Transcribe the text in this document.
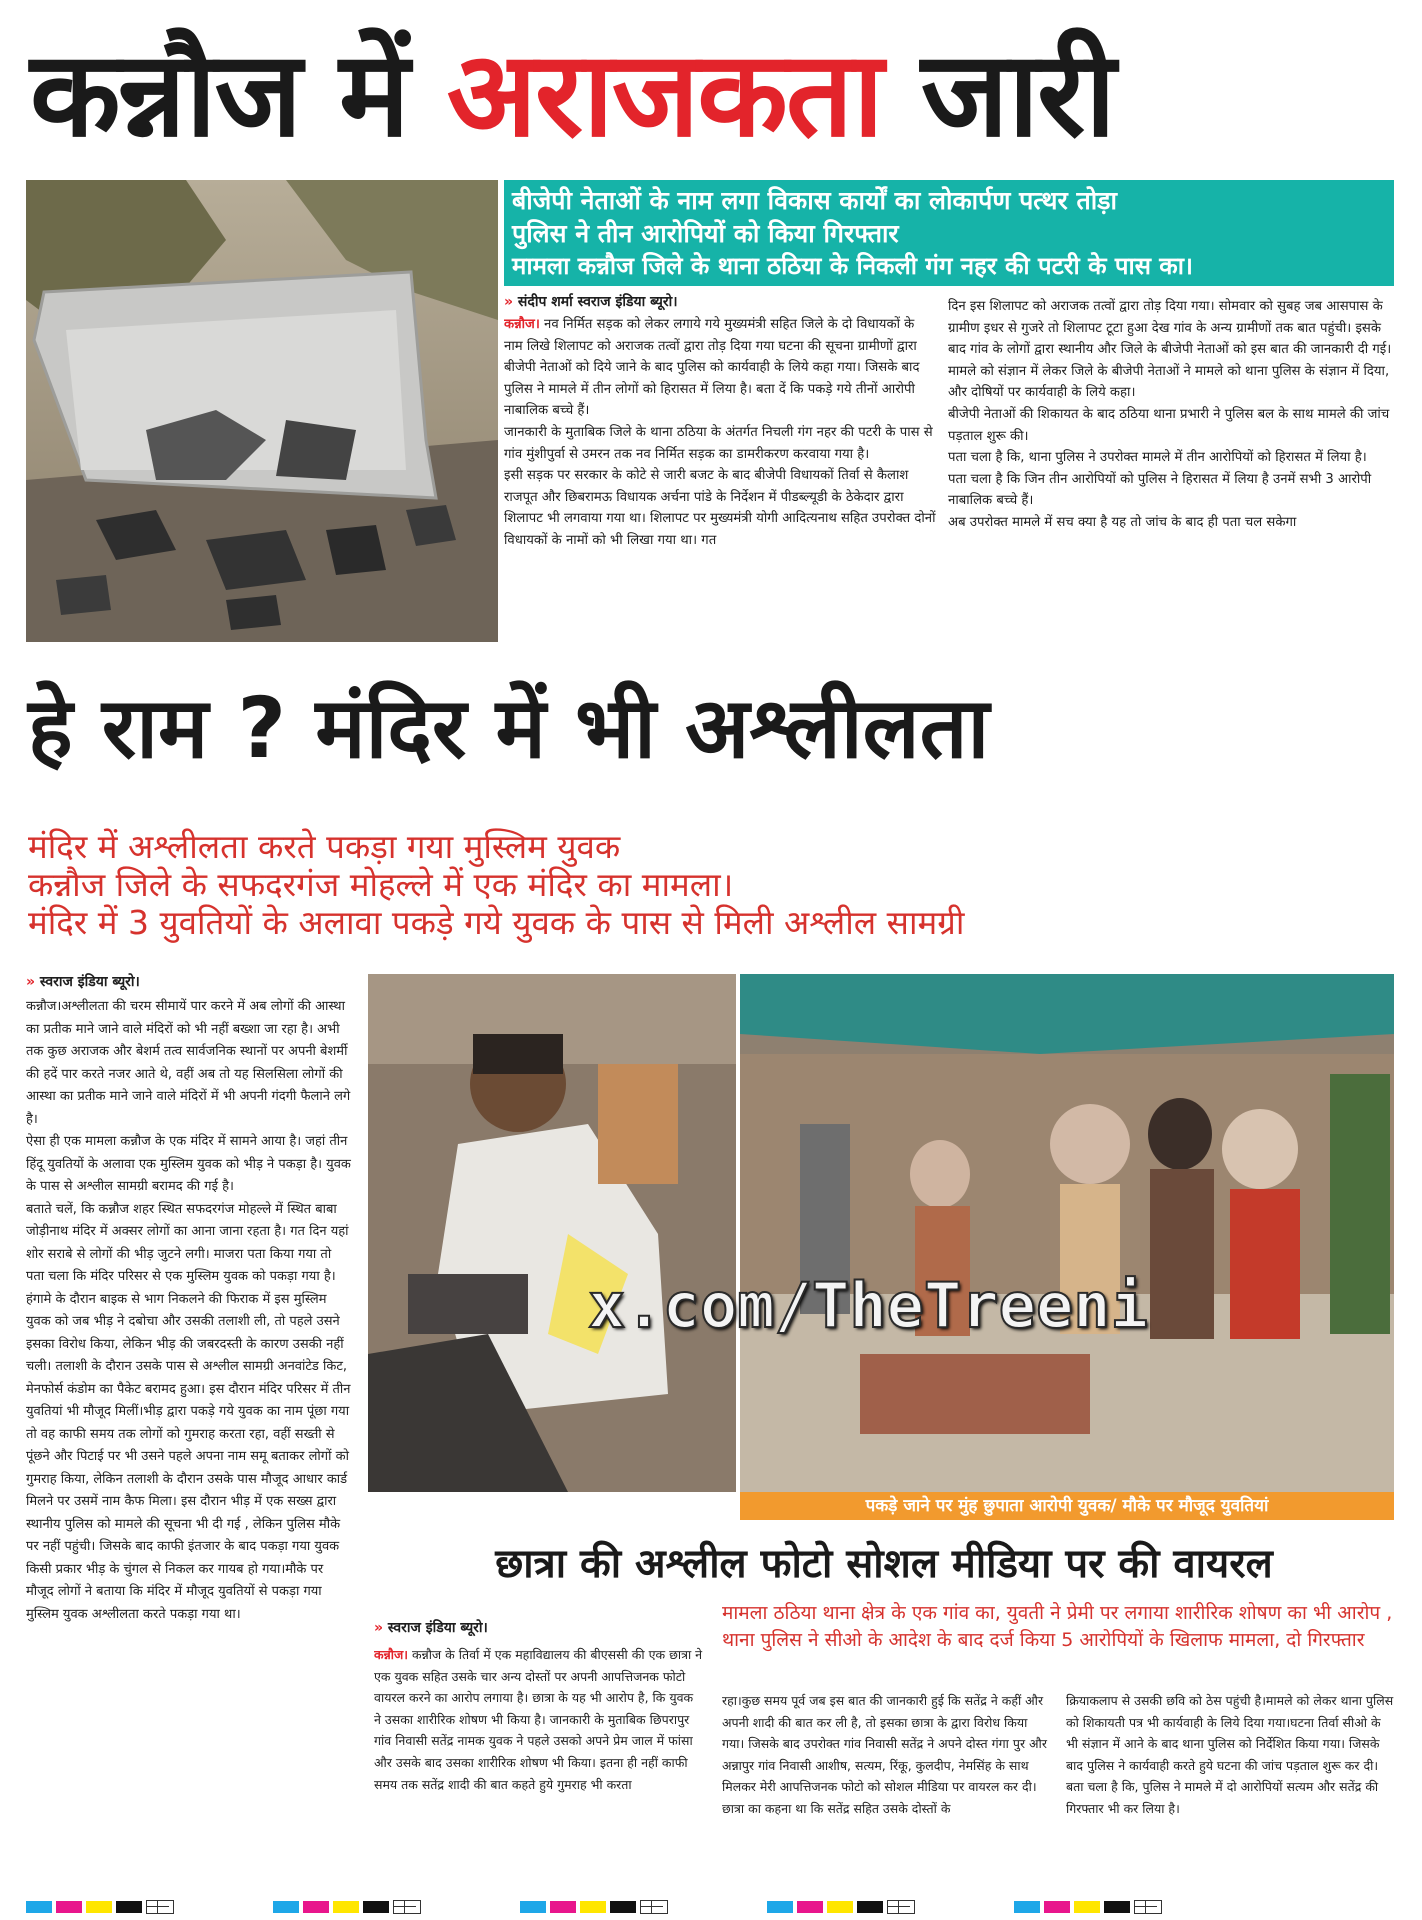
कन्नौज में अराजकता जारी
बीजेपी नेताओं के नाम लगा विकास कार्यों का लोकार्पण पत्थर तोड़ा
पुलिस ने तीन आरोपियों को किया गिरफ्तार
मामला कन्नौज जिले के थाना ठठिया के निकली गंग नहर की पटरी के पास का।
» संदीप शर्मा स्वराज इंडिया ब्यूरो।

कन्नौज। नव निर्मित सड़क को लेकर लगाये गये मुख्यमंत्री सहित जिले के दो विधायकों के नाम लिखे शिलापट को अराजक तत्वों द्वारा तोड़ दिया गया घटना की सूचना ग्रामीणों द्वारा बीजेपी नेताओं को दिये जाने के बाद पुलिस को कार्यवाही के लिये कहा गया। जिसके बाद पुलिस ने मामले में तीन लोगों को हिरासत में लिया है। बता दें कि पकड़े गये तीनों आरोपी नाबालिक बच्चे हैं।

जानकारी के मुताबिक जिले के थाना ठठिया के अंतर्गत निचली गंग नहर की पटरी के पास से गांव मुंशीपुर्वा से उमरन तक नव निर्मित सड़क का डामरीकरण करवाया गया है।

इसी सड़क पर सरकार के कोटे से जारी बजट के बाद बीजेपी विधायकों तिर्वा से कैलाश राजपूत और छिबरामऊ विधायक अर्चना पांडे के निर्देशन में पीडब्ल्यूडी के ठेकेदार द्वारा शिलापट भी लगवाया गया था। शिलापट पर मुख्यमंत्री योगी आदित्यनाथ सहित उपरोक्त दोनों विधायकों के नामों को भी लिखा गया था। गत

दिन इस शिलापट को अराजक तत्वों द्वारा तोड़ दिया गया। सोमवार को सुबह जब आसपास के ग्रामीण इधर से गुजरे तो शिलापट टूटा हुआ देख गांव के अन्य ग्रामीणों तक बात पहुंची। इसके बाद गांव के लोगों द्वारा स्थानीय और जिले के बीजेपी नेताओं को इस बात की जानकारी दी गई।

मामले को संज्ञान में लेकर जिले के बीजेपी नेताओं ने मामले को थाना पुलिस के संज्ञान में दिया, और दोषियों पर कार्यवाही के लिये कहा।

बीजेपी नेताओं की शिकायत के बाद ठठिया थाना प्रभारी ने पुलिस बल के साथ मामले की जांच पड़ताल शुरू की।

पता चला है कि, थाना पुलिस ने उपरोक्त मामले में तीन आरोपियों को हिरासत में लिया है।

पता चला है कि जिन तीन आरोपियों को पुलिस ने हिरासत में लिया है उनमें सभी 3 आरोपी नाबालिक बच्चे हैं।

अब उपरोक्त मामले में सच क्या है यह तो जांच के बाद ही पता चल सकेगा

हे राम ? मंदिर में भी अश्लीलता
मंदिर में अश्लीलता करते पकड़ा गया मुस्लिम युवक
कन्नौज जिले के सफदरगंज मोहल्ले में एक मंदिर का मामला।
मंदिर में 3 युवतियों के अलावा पकड़े गये युवक के पास से मिली अश्लील सामग्री
» स्वराज इंडिया ब्यूरो।

कन्नौज।अश्लीलता की चरम सीमायें पार करने में अब लोगों की आस्था का प्रतीक माने जाने वाले मंदिरों को भी नहीं बख्शा जा रहा है। अभी तक कुछ अराजक और बेशर्म तत्व सार्वजनिक स्थानों पर अपनी बेशर्मी की हदें पार करते नजर आते थे, वहीं अब तो यह सिलसिला लोगों की आस्था का प्रतीक माने जाने वाले मंदिरों में भी अपनी गंदगी फैलाने लगे है।

ऐसा ही एक मामला कन्नौज के एक मंदिर में सामने आया है। जहां तीन हिंदू युवतियों के अलावा एक मुस्लिम युवक को भीड़ ने पकड़ा है। युवक के पास से अश्लील सामग्री बरामद की गई है।

बताते चलें, कि कन्नौज शहर स्थित सफदरगंज मोहल्ले में स्थित बाबा जोड़ीनाथ मंदिर में अक्सर लोगों का आना जाना रहता है। गत दिन यहां शोर सराबे से लोगों की भीड़ जुटने लगी। माजरा पता किया गया तो पता चला कि मंदिर परिसर से एक मुस्लिम युवक को पकड़ा गया है। हंगामे के दौरान बाइक से भाग निकलने की फिराक में इस मुस्लिम युवक को जब भीड़ ने दबोचा और उसकी तलाशी ली, तो पहले उसने इसका विरोध किया, लेकिन भीड़ की जबरदस्ती के कारण उसकी नहीं चली। तलाशी के दौरान उसके पास से अश्लील सामग्री अनवांटेड किट, मेनफोर्स कंडोम का पैकेट बरामद हुआ। इस दौरान मंदिर परिसर में तीन युवतियां भी मौजूद मिलीं।भीड़ द्वारा पकड़े गये युवक का नाम पूंछा गया तो वह काफी समय तक लोगों को गुमराह करता रहा, वहीं सख्ती से पूंछने और पिटाई पर भी उसने पहले अपना नाम समू बताकर लोगों को गुमराह किया, लेकिन तलाशी के दौरान उसके पास मौजूद आधार कार्ड मिलने पर उसमें नाम कैफ मिला। इस दौरान भीड़ में एक सख्स द्वारा स्थानीय पुलिस को मामले की सूचना भी दी गई , लेकिन पुलिस मौके पर नहीं पहुंची। जिसके बाद काफी इंतजार के बाद पकड़ा गया युवक किसी प्रकार भीड़ के चुंगल से निकल कर गायब हो गया।मौके पर मौजूद लोगों ने बताया कि मंदिर में मौजूद युवतियों से पकड़ा गया मुस्लिम युवक अश्लीलता करते पकड़ा गया था।

x.com/TheTreeni
पकड़े जाने पर मुंह छुपाता आरोपी युवक/ मौके पर मौजूद युवतियां
छात्रा की अश्लील फोटो सोशल मीडिया पर की वायरल
» स्वराज इंडिया ब्यूरो।
मामला ठठिया थाना क्षेत्र के एक गांव का, युवती ने प्रेमी पर लगाया शारीरिक शोषण का भी आरोप , थाना पुलिस ने सीओ के आदेश के बाद दर्ज किया 5 आरोपियों के खिलाफ मामला, दो गिरफ्तार

कन्नौज। कन्नौज के तिर्वा में एक महाविद्यालय की बीएससी की एक छात्रा ने एक युवक सहित उसके चार अन्य दोस्तों पर अपनी आपत्तिजनक फोटो वायरल करने का आरोप लगाया है। छात्रा के यह भी आरोप है, कि युवक ने उसका शारीरिक शोषण भी किया है। जानकारी के मुताबिक छिपरापुर गांव निवासी सतेंद्र नामक युवक ने पहले उसको अपने प्रेम जाल में फांसा और उसके बाद उसका शारीरिक शोषण भी किया। इतना ही नहीं काफी समय तक सतेंद्र शादी की बात कहते हुये गुमराह भी करता

रहा।कुछ समय पूर्व जब इस बात की जानकारी हुई कि सतेंद्र ने कहीं और अपनी शादी की बात कर ली है, तो इसका छात्रा के द्वारा विरोध किया गया। जिसके बाद उपरोक्त गांव निवासी सतेंद्र ने अपने दोस्त गंगा पुर और अन्नापुर गांव निवासी आशीष, सत्यम, रिंकू, कुलदीप, नेमसिंह के साथ मिलकर मेरी आपत्तिजनक फोटो को सोशल मीडिया पर वायरल कर दी।छात्रा का कहना था कि सतेंद्र सहित उसके दोस्तों के

क्रियाकलाप से उसकी छवि को ठेस पहुंची है।मामले को लेकर थाना पुलिस को शिकायती पत्र भी कार्यवाही के लिये दिया गया।घटना तिर्वा सीओ के भी संज्ञान में आने के बाद थाना पुलिस को निर्देशित किया गया। जिसके बाद पुलिस ने कार्यवाही करते हुये घटना की जांच पड़ताल शुरू कर दी।बता चला है कि, पुलिस ने मामले में दो आरोपियों सत्यम और सतेंद्र की गिरफ्तार भी कर लिया है।
